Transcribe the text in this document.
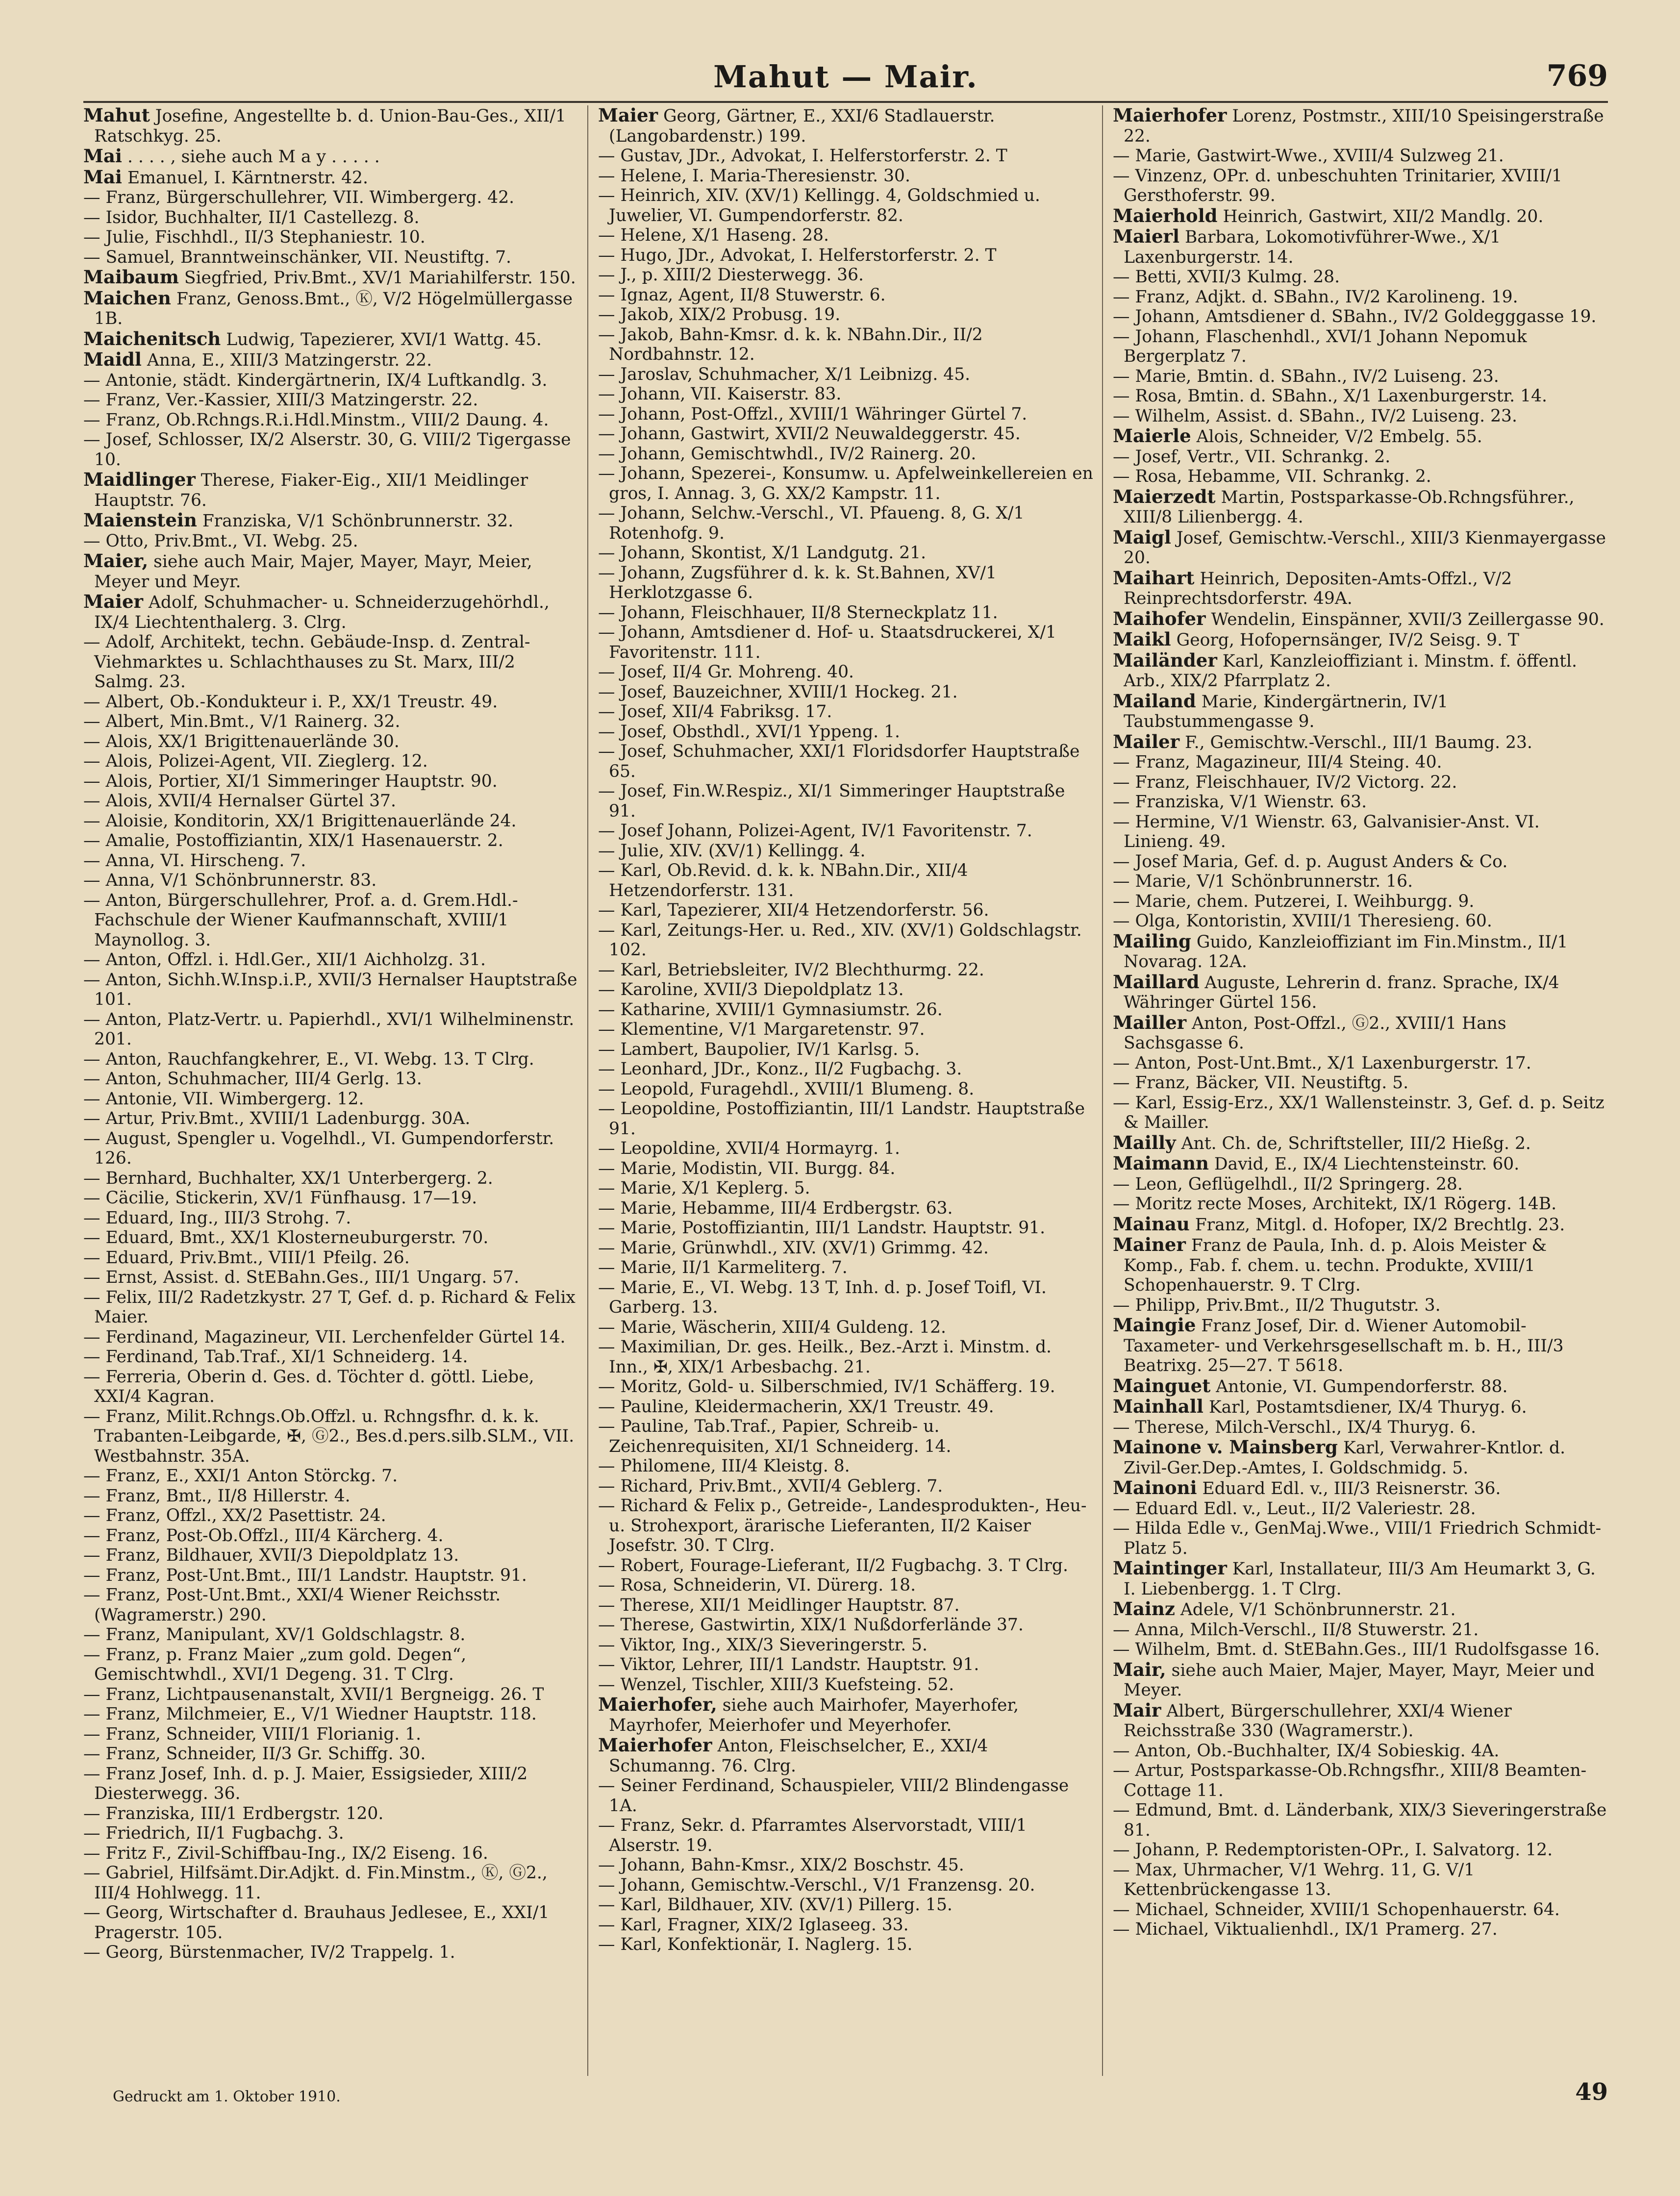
Mahut — Mair.	769

Mahut Josefine, Angestellte b. d. Union-Bau-Ges., XII/1 Ratschkyg. 25.

Mai . . . . , siehe auch M a y . . . . .

Mai Emanuel, I. Kärntnerstr. 42.

— Franz, Bürgerschullehrer, VII. Wimbergerg. 42.

— Isidor, Buchhalter, II/1 Castellezg. 8.

— Julie, Fischhdl., II/3 Stephaniestr. 10.

— Samuel, Branntweinschänker, VII. Neustiftg. 7.

Maibaum Siegfried, Priv.Bmt., XV/1 Mariahilferstr. 150.

Maichen Franz, Genoss.Bmt., Ⓚ, V/2 Högelmüllergasse 1B.

Maichenitsch Ludwig, Tapezierer, XVI/1 Wattg. 45.

Maidl Anna, E., XIII/3 Matzingerstr. 22.

— Antonie, städt. Kindergärtnerin, IX/4 Luftkandlg. 3.

— Franz, Ver.-Kassier, XIII/3 Matzingerstr. 22.

— Franz, Ob.Rchngs.R.i.Hdl.Minstm., VIII/2 Daung. 4.

— Josef, Schlosser, IX/2 Alserstr. 30, G. VIII/2 Tigergasse 10.

Maidlinger Therese, Fiaker-Eig., XII/1 Meidlinger Hauptstr. 76.

Maienstein Franziska, V/1 Schönbrunnerstr. 32.

— Otto, Priv.Bmt., VI. Webg. 25.

Maier, siehe auch Mair, Majer, Mayer, Mayr, Meier, Meyer und Meyr.

Maier Adolf, Schuhmacher- u. Schneiderzugehörhdl., IX/4 Liechtenthalerg. 3. Clrg.

— Adolf, Architekt, techn. Gebäude-Insp. d. Zentral-Viehmarktes u. Schlachthauses zu St. Marx, III/2 Salmg. 23.

— Albert, Ob.-Kondukteur i. P., XX/1 Treustr. 49.

— Albert, Min.Bmt., V/1 Rainerg. 32.

— Alois, XX/1 Brigittenauerlände 30.

— Alois, Polizei-Agent, VII. Zieglerg. 12.

— Alois, Portier, XI/1 Simmeringer Hauptstr. 90.

— Alois, XVII/4 Hernalser Gürtel 37.

— Aloisie, Konditorin, XX/1 Brigittenauerlände 24.

— Amalie, Postoffiziantin, XIX/1 Hasenauerstr. 2.

— Anna, VI. Hirscheng. 7.

— Anna, V/1 Schönbrunnerstr. 83.

— Anton, Bürgerschullehrer, Prof. a. d. Grem.Hdl.-Fachschule der Wiener Kaufmannschaft, XVIII/1 Maynollog. 3.

— Anton, Offzl. i. Hdl.Ger., XII/1 Aichholzg. 31.

— Anton, Sichh.W.Insp.i.P., XVII/3 Hernalser Hauptstraße 101.

— Anton, Platz-Vertr. u. Papierhdl., XVI/1 Wilhelminenstr. 201.

— Anton, Rauchfangkehrer, E., VI. Webg. 13. T Clrg.

— Anton, Schuhmacher, III/4 Gerlg. 13.

— Antonie, VII. Wimbergerg. 12.

— Artur, Priv.Bmt., XVIII/1 Ladenburgg. 30A.

— August, Spengler u. Vogelhdl., VI. Gumpendorferstr. 126.

— Bernhard, Buchhalter, XX/1 Unterbergerg. 2.

— Cäcilie, Stickerin, XV/1 Fünfhausg. 17—19.

— Eduard, Ing., III/3 Strohg. 7.

— Eduard, Bmt., XX/1 Klosterneuburgerstr. 70.

— Eduard, Priv.Bmt., VIII/1 Pfeilg. 26.

— Ernst, Assist. d. StEBahn.Ges., III/1 Ungarg. 57.

— Felix, III/2 Radetzkystr. 27 T, Gef. d. p. Richard & Felix Maier.

— Ferdinand, Magazineur, VII. Lerchenfelder Gürtel 14.

— Ferdinand, Tab.Traf., XI/1 Schneiderg. 14.

— Ferreria, Oberin d. Ges. d. Töchter d. göttl. Liebe, XXI/4 Kagran.

— Franz, Milit.Rchngs.Ob.Offzl. u. Rchngsfhr. d. k. k. Trabanten-Leibgarde, ✠, Ⓖ2., Bes.d.pers.silb.SLM., VII. Westbahnstr. 35A.

— Franz, E., XXI/1 Anton Störckg. 7.

— Franz, Bmt., II/8 Hillerstr. 4.

— Franz, Offzl., XX/2 Pasettistr. 24.

— Franz, Post-Ob.Offzl., III/4 Kärcherg. 4.

— Franz, Bildhauer, XVII/3 Diepoldplatz 13.

— Franz, Post-Unt.Bmt., III/1 Landstr. Hauptstr. 91.

— Franz, Post-Unt.Bmt., XXI/4 Wiener Reichsstr. (Wagramerstr.) 290.

— Franz, Manipulant, XV/1 Goldschlagstr. 8.

— Franz, p. Franz Maier „zum gold. Degen“, Gemischtwhdl., XVI/1 Degeng. 31. T Clrg.

— Franz, Lichtpausenanstalt, XVII/1 Bergneigg. 26. T

— Franz, Milchmeier, E., V/1 Wiedner Hauptstr. 118.

— Franz, Schneider, VIII/1 Florianig. 1.

— Franz, Schneider, II/3 Gr. Schiffg. 30.

— Franz Josef, Inh. d. p. J. Maier, Essigsieder, XIII/2 Diesterwegg. 36.

— Franziska, III/1 Erdbergstr. 120.

— Friedrich, II/1 Fugbachg. 3.

— Fritz F., Zivil-Schiffbau-Ing., IX/2 Eiseng. 16.

— Gabriel, Hilfsämt.Dir.Adjkt. d. Fin.Minstm., Ⓚ, Ⓖ2., III/4 Hohlwegg. 11.

— Georg, Wirtschafter d. Brauhaus Jedlesee, E., XXI/1 Pragerstr. 105.

— Georg, Bürstenmacher, IV/2 Trappelg. 1.

Maier Georg, Gärtner, E., XXI/6 Stadlauerstr. (Langobardenstr.) 199.

— Gustav, JDr., Advokat, I. Helferstorferstr. 2. T

— Helene, I. Maria-Theresienstr. 30.

— Heinrich, XIV. (XV/1) Kellingg. 4, Goldschmied u. Juwelier, VI. Gumpendorferstr. 82.

— Helene, X/1 Haseng. 28.

— Hugo, JDr., Advokat, I. Helferstorferstr. 2. T

— J., p. XIII/2 Diesterwegg. 36.

— Ignaz, Agent, II/8 Stuwerstr. 6.

— Jakob, XIX/2 Probusg. 19.

— Jakob, Bahn-Kmsr. d. k. k. NBahn.Dir., II/2 Nordbahnstr. 12.

— Jaroslav, Schuhmacher, X/1 Leibnizg. 45.

— Johann, VII. Kaiserstr. 83.

— Johann, Post-Offzl., XVIII/1 Währinger Gürtel 7.

— Johann, Gastwirt, XVII/2 Neuwaldeggerstr. 45.

— Johann, Gemischtwhdl., IV/2 Rainerg. 20.

— Johann, Spezerei-, Konsumw. u. Apfelweinkellereien en gros, I. Annag. 3, G. XX/2 Kampstr. 11.

— Johann, Selchw.-Verschl., VI. Pfaueng. 8, G. X/1 Rotenhofg. 9.

— Johann, Skontist, X/1 Landgutg. 21.

— Johann, Zugsführer d. k. k. St.Bahnen, XV/1 Herklotzgasse 6.

— Johann, Fleischhauer, II/8 Sterneckplatz 11.

— Johann, Amtsdiener d. Hof- u. Staatsdruckerei, X/1 Favoritenstr. 111.

— Josef, II/4 Gr. Mohreng. 40.

— Josef, Bauzeichner, XVIII/1 Hockeg. 21.

— Josef, XII/4 Fabriksg. 17.

— Josef, Obsthdl., XVI/1 Yppeng. 1.

— Josef, Schuhmacher, XXI/1 Floridsdorfer Hauptstraße 65.

— Josef, Fin.W.Respiz., XI/1 Simmeringer Hauptstraße 91.

— Josef Johann, Polizei-Agent, IV/1 Favoritenstr. 7.

— Julie, XIV. (XV/1) Kellingg. 4.

— Karl, Ob.Revid. d. k. k. NBahn.Dir., XII/4 Hetzendorferstr. 131.

— Karl, Tapezierer, XII/4 Hetzendorferstr. 56.

— Karl, Zeitungs-Her. u. Red., XIV. (XV/1) Goldschlagstr. 102.

— Karl, Betriebsleiter, IV/2 Blechthurmg. 22.

— Karoline, XVII/3 Diepoldplatz 13.

— Katharine, XVIII/1 Gymnasiumstr. 26.

— Klementine, V/1 Margaretenstr. 97.

— Lambert, Baupolier, IV/1 Karlsg. 5.

— Leonhard, JDr., Konz., II/2 Fugbachg. 3.

— Leopold, Furagehdl., XVIII/1 Blumeng. 8.

— Leopoldine, Postoffiziantin, III/1 Landstr. Hauptstraße 91.

— Leopoldine, XVII/4 Hormayrg. 1.

— Marie, Modistin, VII. Burgg. 84.

— Marie, X/1 Keplerg. 5.

— Marie, Hebamme, III/4 Erdbergstr. 63.

— Marie, Postoffiziantin, III/1 Landstr. Hauptstr. 91.

— Marie, Grünwhdl., XIV. (XV/1) Grimmg. 42.

— Marie, II/1 Karmeliterg. 7.

— Marie, E., VI. Webg. 13 T, Inh. d. p. Josef Toifl, VI. Garberg. 13.

— Marie, Wäscherin, XIII/4 Guldeng. 12.

— Maximilian, Dr. ges. Heilk., Bez.-Arzt i. Minstm. d. Inn., ✠, XIX/1 Arbesbachg. 21.

— Moritz, Gold- u. Silberschmied, IV/1 Schäfferg. 19.

— Pauline, Kleidermacherin, XX/1 Treustr. 49.

— Pauline, Tab.Traf., Papier, Schreib- u. Zeichenrequisiten, XI/1 Schneiderg. 14.

— Philomene, III/4 Kleistg. 8.

— Richard, Priv.Bmt., XVII/4 Geblerg. 7.

— Richard & Felix p., Getreide-, Landesprodukten-, Heu- u. Strohexport, ärarische Lieferanten, II/2 Kaiser Josefstr. 30. T Clrg.

— Robert, Fourage-Lieferant, II/2 Fugbachg. 3. T Clrg.

— Rosa, Schneiderin, VI. Dürerg. 18.

— Therese, XII/1 Meidlinger Hauptstr. 87.

— Therese, Gastwirtin, XIX/1 Nußdorferlände 37.

— Viktor, Ing., XIX/3 Sieveringerstr. 5.

— Viktor, Lehrer, III/1 Landstr. Hauptstr. 91.

— Wenzel, Tischler, XIII/3 Kuefsteing. 52.

Maierhofer, siehe auch Mairhofer, Mayerhofer, Mayrhofer, Meierhofer und Meyerhofer.

Maierhofer Anton, Fleischselcher, E., XXI/4 Schumanng. 76. Clrg.

— Seiner Ferdinand, Schauspieler, VIII/2 Blindengasse 1A.

— Franz, Sekr. d. Pfarramtes Alservorstadt, VIII/1 Alserstr. 19.

— Johann, Bahn-Kmsr., XIX/2 Boschstr. 45.

— Johann, Gemischtw.-Verschl., V/1 Franzensg. 20.

— Karl, Bildhauer, XIV. (XV/1) Pillerg. 15.

— Karl, Fragner, XIX/2 Iglaseeg. 33.

— Karl, Konfektionär, I. Naglerg. 15.

Maierhofer Lorenz, Postmstr., XIII/10 Speisingerstraße 22.

— Marie, Gastwirt-Wwe., XVIII/4 Sulzweg 21.

— Vinzenz, OPr. d. unbeschuhten Trinitarier, XVIII/1 Gersthoferstr. 99.

Maierhold Heinrich, Gastwirt, XII/2 Mandlg. 20.

Maierl Barbara, Lokomotivführer-Wwe., X/1 Laxenburgerstr. 14.

— Betti, XVII/3 Kulmg. 28.

— Franz, Adjkt. d. SBahn., IV/2 Karolineng. 19.

— Johann, Amtsdiener d. SBahn., IV/2 Goldegggasse 19.

— Johann, Flaschenhdl., XVI/1 Johann Nepomuk Bergerplatz 7.

— Marie, Bmtin. d. SBahn., IV/2 Luiseng. 23.

— Rosa, Bmtin. d. SBahn., X/1 Laxenburgerstr. 14.

— Wilhelm, Assist. d. SBahn., IV/2 Luiseng. 23.

Maierle Alois, Schneider, V/2 Embelg. 55.

— Josef, Vertr., VII. Schrankg. 2.

— Rosa, Hebamme, VII. Schrankg. 2.

Maierzedt Martin, Postsparkasse-Ob.Rchngsführer., XIII/8 Lilienbergg. 4.

Maigl Josef, Gemischtw.-Verschl., XIII/3 Kienmayergasse 20.

Maihart Heinrich, Depositen-Amts-Offzl., V/2 Reinprechtsdorferstr. 49A.

Maihofer Wendelin, Einspänner, XVII/3 Zeillergasse 90.

Maikl Georg, Hofopernsänger, IV/2 Seisg. 9. T

Mailänder Karl, Kanzleioffiziant i. Minstm. f. öffentl. Arb., XIX/2 Pfarrplatz 2.

Mailand Marie, Kindergärtnerin, IV/1 Taubstummengasse 9.

Mailer F., Gemischtw.-Verschl., III/1 Baumg. 23.

— Franz, Magazineur, III/4 Steing. 40.

— Franz, Fleischhauer, IV/2 Victorg. 22.

— Franziska, V/1 Wienstr. 63.

— Hermine, V/1 Wienstr. 63, Galvanisier-Anst. VI. Linieng. 49.

— Josef Maria, Gef. d. p. August Anders & Co.

— Marie, V/1 Schönbrunnerstr. 16.

— Marie, chem. Putzerei, I. Weihburgg. 9.

— Olga, Kontoristin, XVIII/1 Theresieng. 60.

Mailing Guido, Kanzleioffiziant im Fin.Minstm., II/1 Novarag. 12A.

Maillard Auguste, Lehrerin d. franz. Sprache, IX/4 Währinger Gürtel 156.

Mailler Anton, Post-Offzl., Ⓖ2., XVIII/1 Hans Sachsgasse 6.

— Anton, Post-Unt.Bmt., X/1 Laxenburgerstr. 17.

— Franz, Bäcker, VII. Neustiftg. 5.

— Karl, Essig-Erz., XX/1 Wallensteinstr. 3, Gef. d. p. Seitz & Mailler.

Mailly Ant. Ch. de, Schriftsteller, III/2 Hießg. 2.

Maimann David, E., IX/4 Liechtensteinstr. 60.

— Leon, Geflügelhdl., II/2 Springerg. 28.

— Moritz recte Moses, Architekt, IX/1 Rögerg. 14B.

Mainau Franz, Mitgl. d. Hofoper, IX/2 Brechtlg. 23.

Mainer Franz de Paula, Inh. d. p. Alois Meister & Komp., Fab. f. chem. u. techn. Produkte, XVIII/1 Schopenhauerstr. 9. T Clrg.

— Philipp, Priv.Bmt., II/2 Thugutstr. 3.

Maingie Franz Josef, Dir. d. Wiener Automobil-Taxameter- und Verkehrsgesellschaft m. b. H., III/3 Beatrixg. 25—27. T 5618.

Mainguet Antonie, VI. Gumpendorferstr. 88.

Mainhall Karl, Postamtsdiener, IX/4 Thuryg. 6.

— Therese, Milch-Verschl., IX/4 Thuryg. 6.

Mainone v. Mainsberg Karl, Verwahrer-Kntlor. d. Zivil-Ger.Dep.-Amtes, I. Goldschmidg. 5.

Mainoni Eduard Edl. v., III/3 Reisnerstr. 36.

— Eduard Edl. v., Leut., II/2 Valeriestr. 28.

— Hilda Edle v., GenMaj.Wwe., VIII/1 Friedrich Schmidt-Platz 5.

Maintinger Karl, Installateur, III/3 Am Heumarkt 3, G. I. Liebenbergg. 1. T Clrg.

Mainz Adele, V/1 Schönbrunnerstr. 21.

— Anna, Milch-Verschl., II/8 Stuwerstr. 21.

— Wilhelm, Bmt. d. StEBahn.Ges., III/1 Rudolfsgasse 16.

Mair, siehe auch Maier, Majer, Mayer, Mayr, Meier und Meyer.

Mair Albert, Bürgerschullehrer, XXI/4 Wiener Reichsstraße 330 (Wagramerstr.).

— Anton, Ob.-Buchhalter, IX/4 Sobieskig. 4A.

— Artur, Postsparkasse-Ob.Rchngsfhr., XIII/8 Beamten-Cottage 11.

— Edmund, Bmt. d. Länderbank, XIX/3 Sieveringerstraße 81.

— Johann, P. Redemptoristen-OPr., I. Salvatorg. 12.

— Max, Uhrmacher, V/1 Wehrg. 11, G. V/1 Kettenbrückengasse 13.

— Michael, Schneider, XVIII/1 Schopenhauerstr. 64.

— Michael, Viktualienhdl., IX/1 Pramerg. 27.

Gedruckt am 1. Oktober 1910.	49
